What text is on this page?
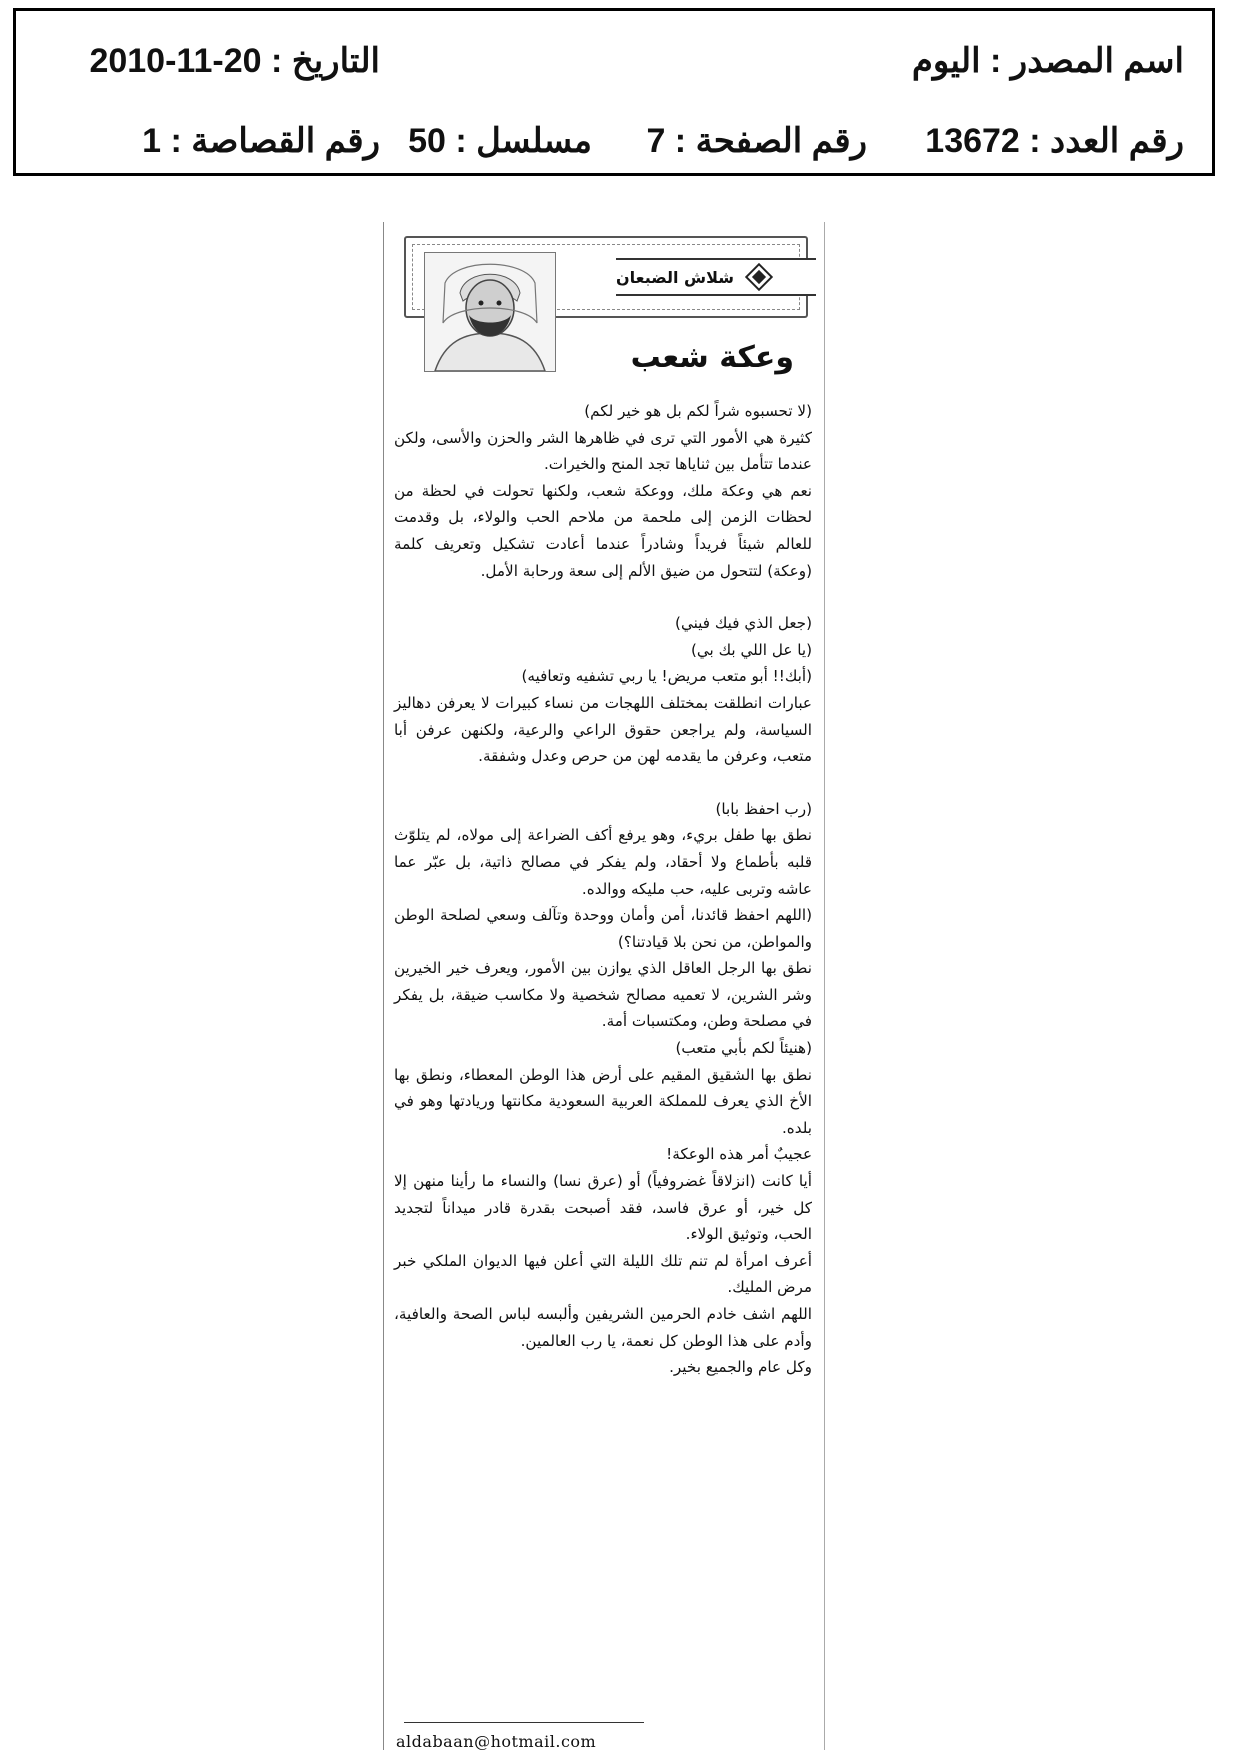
اسم المصدر : اليوم
التاريخ : 20-11-2010
رقم العدد : 13672
رقم الصفحة : 7
مسلسل : 50
رقم القصاصة : 1
شلاش الضبعان
وعكة شعب

(لا تحسبوه شراً لكم بل هو خير لكم)

كثيرة هي الأمور التي ترى في ظاهرها الشر والحزن والأسى، ولكن عندما تتأمل بين ثناياها تجد المنح والخيرات.

نعم هي وعكة ملك، ووعكة شعب، ولكنها تحولت في لحظة من لحظات الزمن إلى ملحمة من ملاحم الحب والولاء، بل وقدمت للعالم شيئاً فريداً وشادراً عندما أعادت تشكيل وتعريف كلمة (وعكة) لتتحول من ضيق الألم إلى سعة ورحابة الأمل.

(جعل الذي فيك فيني)

(يا عل اللي بك بي)

(أبك!! أبو متعب مريض! يا ربي تشفيه وتعافيه)

عبارات انطلقت بمختلف اللهجات من نساء كبيرات لا يعرفن دهاليز السياسة، ولم يراجعن حقوق الراعي والرعية، ولكنهن عرفن أبا متعب، وعرفن ما يقدمه لهن من حرص وعدل وشفقة.

(رب احفظ بابا)

نطق بها طفل بريء، وهو يرفع أكف الضراعة إلى مولاه، لم يتلوّث قلبه بأطماع ولا أحقاد، ولم يفكر في مصالح ذاتية، بل عبّر عما عاشه وتربى عليه، حب مليكه ووالده.

(اللهم احفظ قائدنا، أمن وأمان ووحدة وتآلف وسعي لصلحة الوطن والمواطن، من نحن بلا قيادتنا؟)

نطق بها الرجل العاقل الذي يوازن بين الأمور، ويعرف خير الخيرين وشر الشرين، لا تعميه مصالح شخصية ولا مكاسب ضيقة، بل يفكر في مصلحة وطن، ومكتسبات أمة.

(هنيئاً لكم بأبي متعب)

نطق بها الشقيق المقيم على أرض هذا الوطن المعطاء، ونطق بها الأخ الذي يعرف للمملكة العربية السعودية مكانتها وريادتها وهو في بلده.

عجيبٌ أمر هذه الوعكة!

أيا كانت (انزلاقاً غضروفياً) أو (عرق نسا) والنساء ما رأينا منهن إلا كل خير، أو عرق فاسد، فقد أصبحت بقدرة قادر ميداناً لتجديد الحب، وتوثيق الولاء.

أعرف امرأة لم تنم تلك الليلة التي أعلن فيها الديوان الملكي خبر مرض المليك.

اللهم اشف خادم الحرمين الشريفين وألبسه لباس الصحة والعافية، وأدم على هذا الوطن كل نعمة، يا رب العالمين.

وكل عام والجميع بخير.

aldabaan@hotmail.com
